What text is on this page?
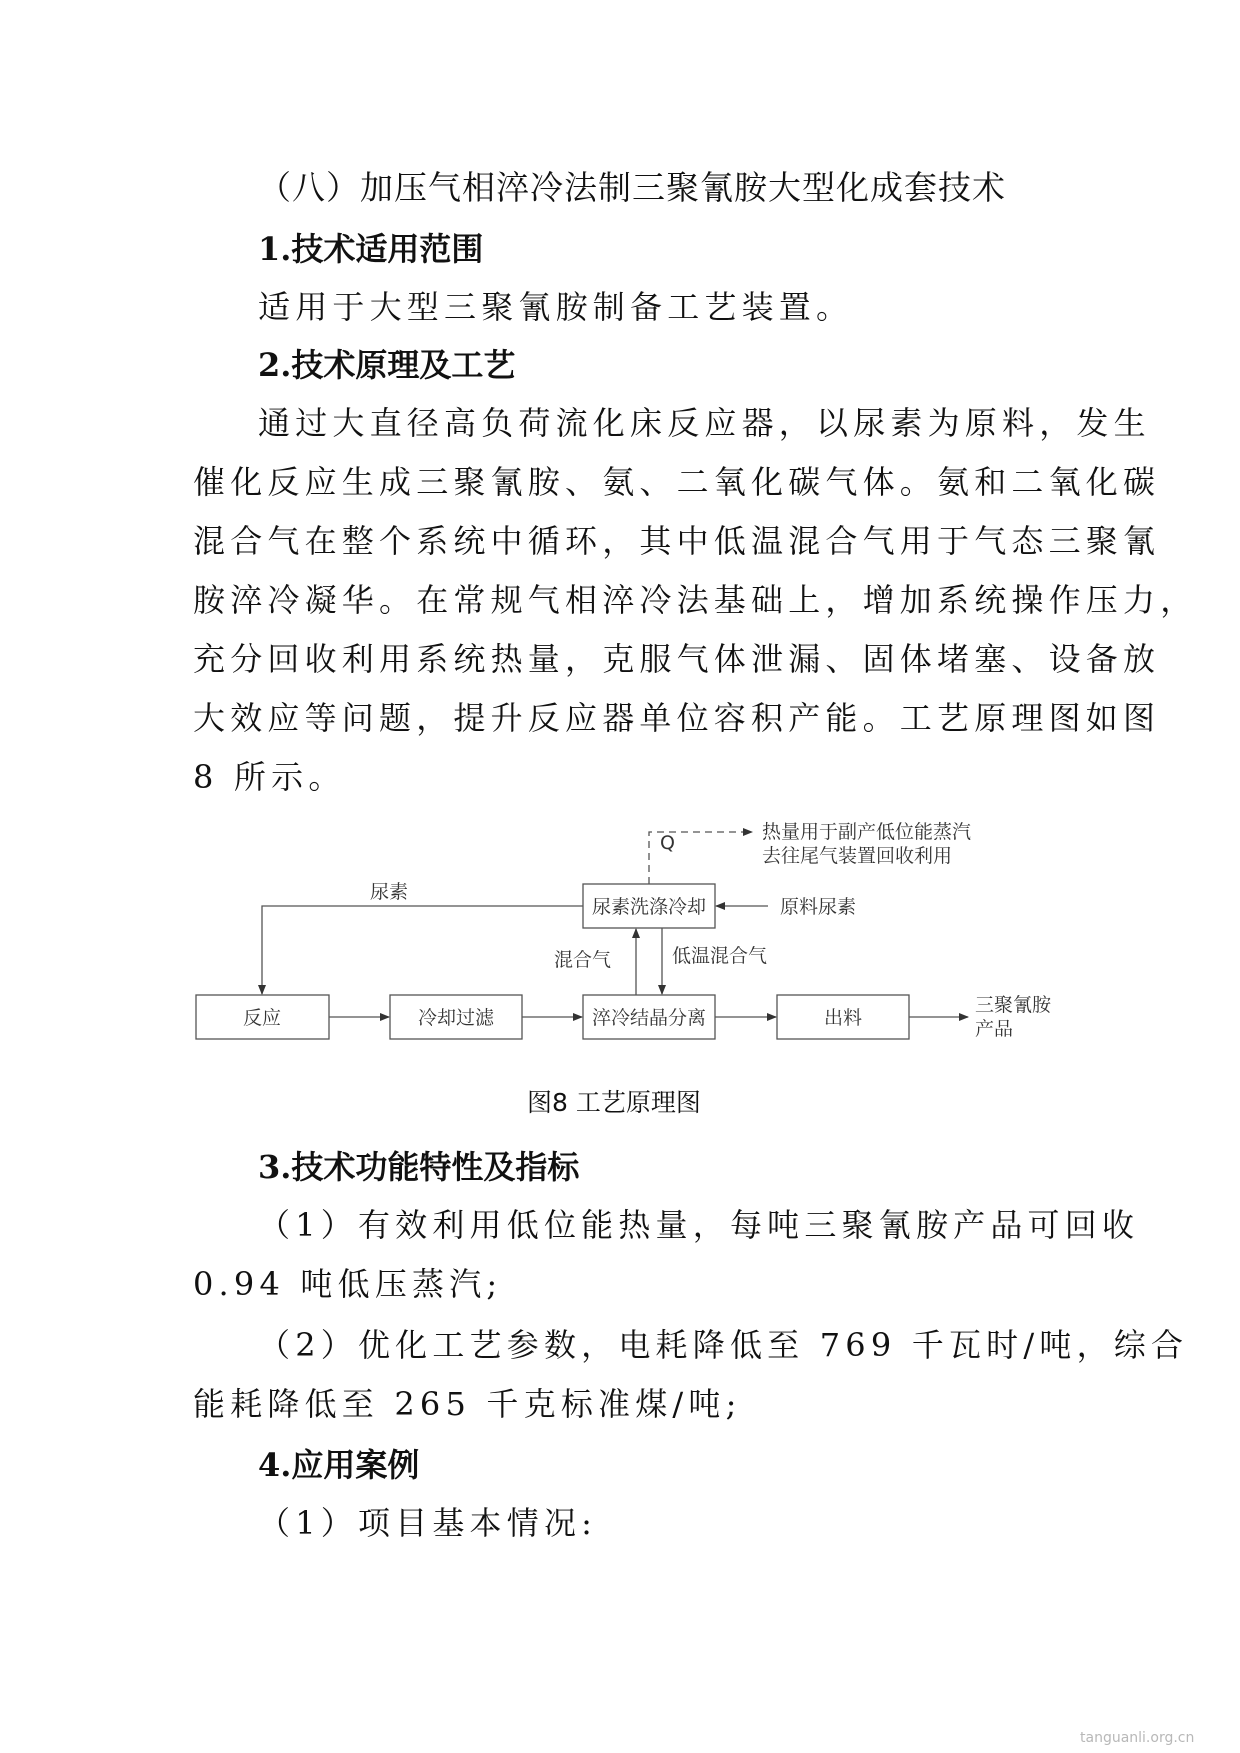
（八）加压气相淬冷法制三聚氰胺大型化成套技术
1.技术适用范围
适用于大型三聚氰胺制备工艺装置。
2.技术原理及工艺
通过大直径高负荷流化床反应器，以尿素为原料，发生
催化反应生成三聚氰胺、氨、二氧化碳气体。氨和二氧化碳
混合气在整个系统中循环，其中低温混合气用于气态三聚氰
胺淬冷凝华。在常规气相淬冷法基础上，增加系统操作压力，
充分回收利用系统热量，克服气体泄漏、固体堵塞、设备放
大效应等问题，提升反应器单位容积产能。工艺原理图如图
8 所示。
反应	冷却过滤	淬冷结晶分离	出料
尿素洗涤冷却
Q	热量用于副产低位能蒸汽
去往尾气装置回收利用
尿素
原料尿素
混合气	低温混合气
三聚氰胺
产品
图8 工艺原理图
3.技术功能特性及指标
（1）有效利用低位能热量，每吨三聚氰胺产品可回收
0.94 吨低压蒸汽;
（2）优化工艺参数，电耗降低至 769 千瓦时/吨，综合
能耗降低至 265 千克标准煤/吨;
4.应用案例
（1）项目基本情况:
tanguanli.org.cn
